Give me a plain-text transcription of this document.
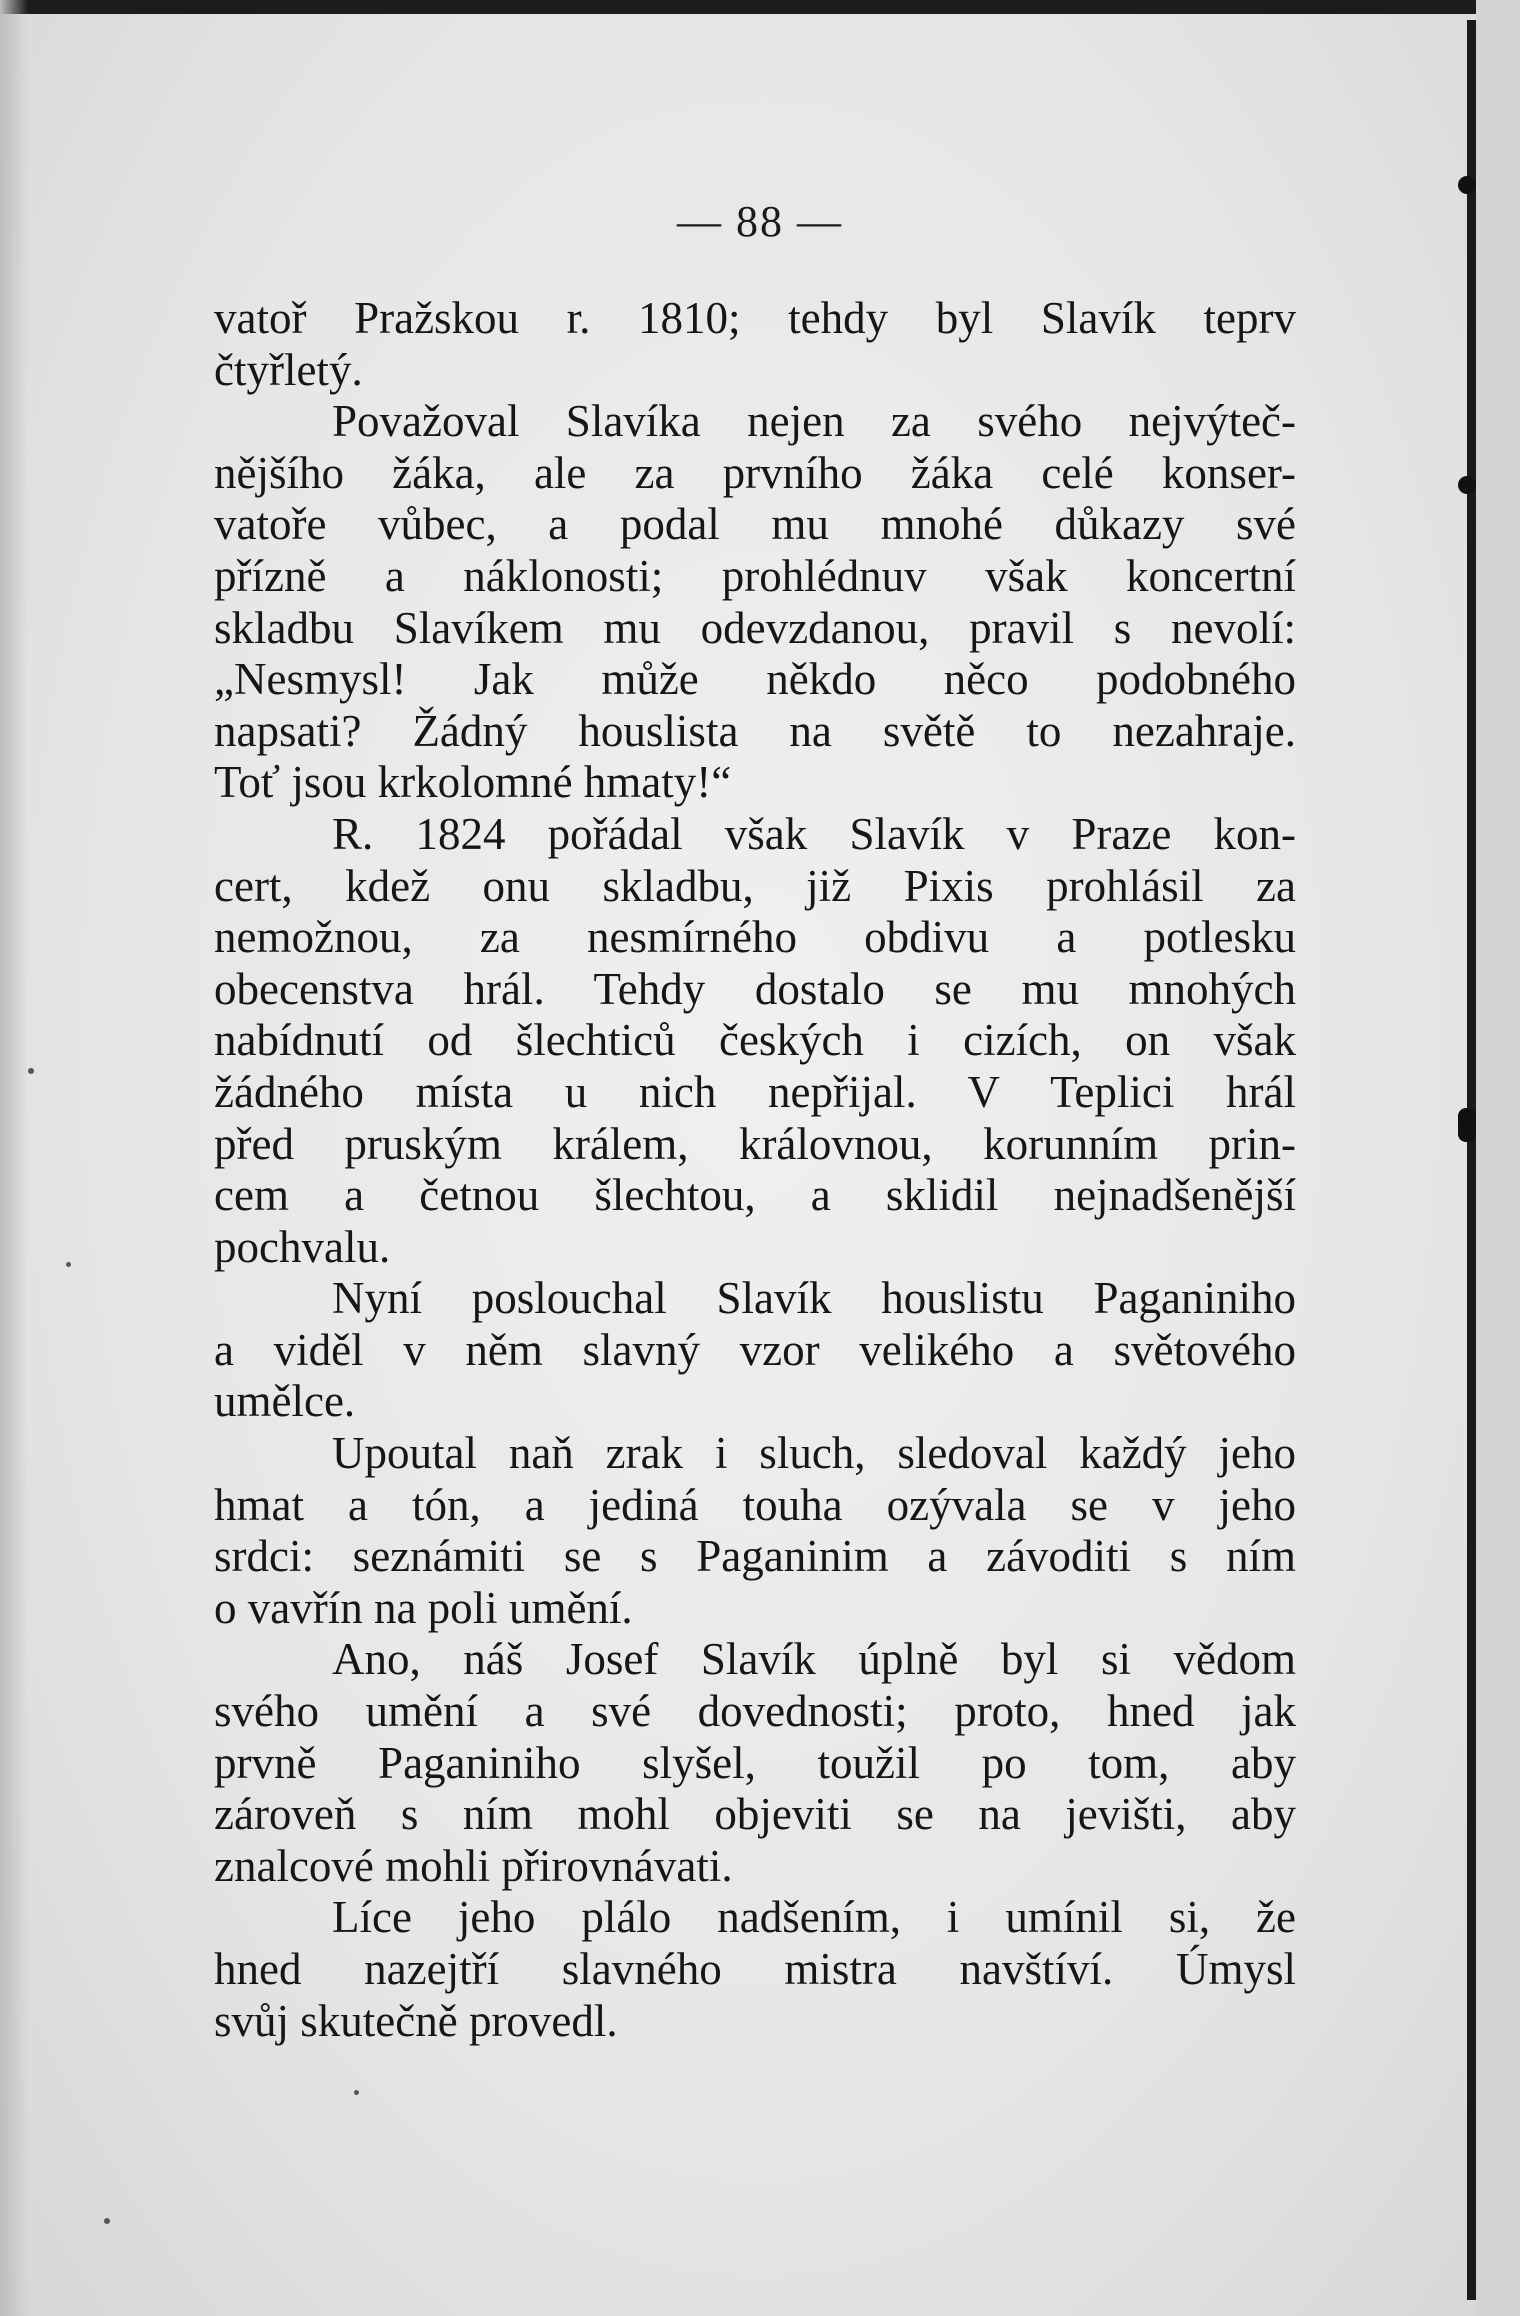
— 88 —
vatoř Pražskou r. 1810; tehdy byl Slavík teprv
čtyřletý.
Považoval Slavíka nejen za svého nejvýteč-
nějšího žáka, ale za prvního žáka celé konser-
vatoře vůbec, a podal mu mnohé důkazy své
přízně a náklonosti; prohlédnuv však koncertní
skladbu Slavíkem mu odevzdanou, pravil s nevolí:
„Nesmysl! Jak může někdo něco podobného
napsati? Žádný houslista na světě to nezahraje.
Toť jsou krkolomné hmaty!“
R. 1824 pořádal však Slavík v Praze kon-
cert, kdež onu skladbu, již Pixis prohlásil za
nemožnou, za nesmírného obdivu a potlesku
obecenstva hrál. Tehdy dostalo se mu mnohých
nabídnutí od šlechticů českých i cizích, on však
žádného místa u nich nepřijal. V Teplici hrál
před pruským králem, královnou, korunním prin-
cem a četnou šlechtou, a sklidil nejnadšenější
pochvalu.
Nyní poslouchal Slavík houslistu Paganiniho
a viděl v něm slavný vzor velikého a světového
umělce.
Upoutal naň zrak i sluch, sledoval každý jeho
hmat a tón, a jediná touha ozývala se v jeho
srdci: seznámiti se s Paganinim a závoditi s ním
o vavřín na poli umění.
Ano, náš Josef Slavík úplně byl si vědom
svého umění a své dovednosti; proto, hned jak
prvně Paganiniho slyšel, toužil po tom, aby
zároveň s ním mohl objeviti se na jevišti, aby
znalcové mohli přirovnávati.
Líce jeho plálo nadšením, i umínil si, že
hned nazejtří slavného mistra navštíví. Úmysl
svůj skutečně provedl.
